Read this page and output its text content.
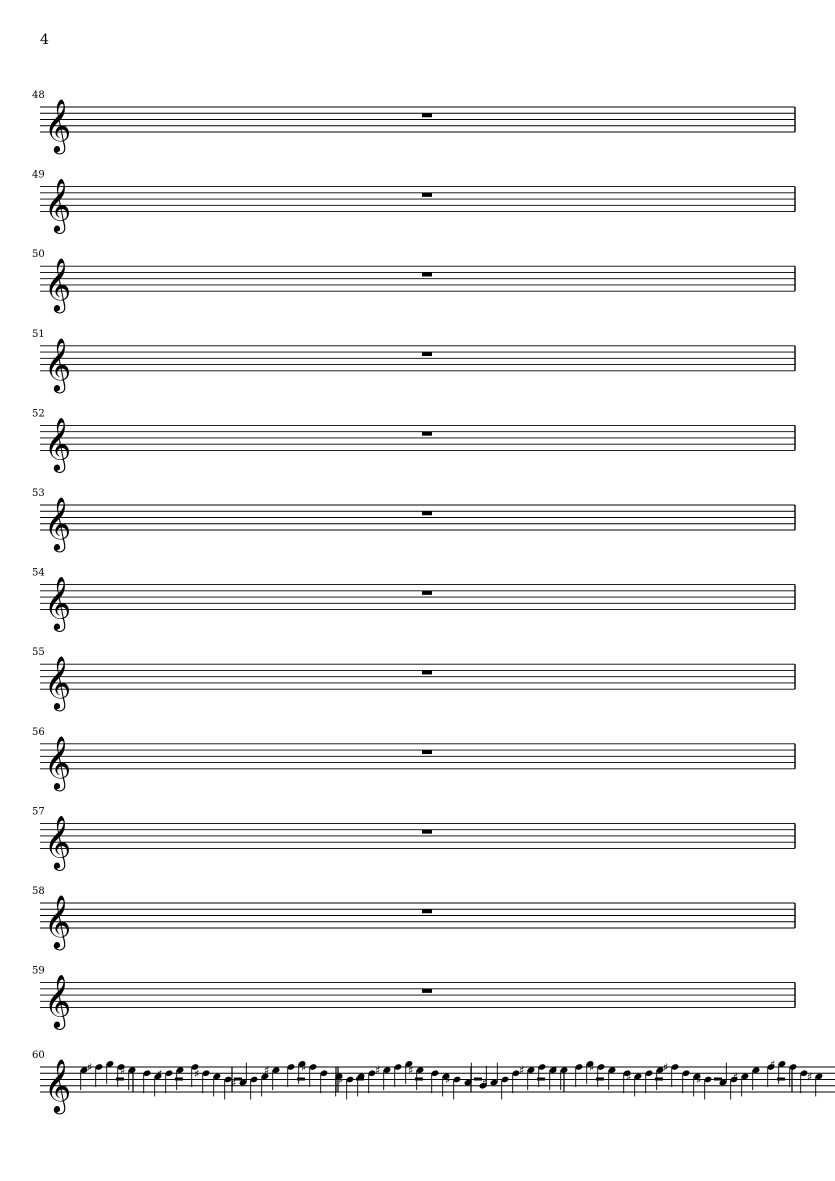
4
𝄞
48
𝄞
49
𝄞
50
𝄞
51
𝄞
52
𝄞
53
𝄞
54
𝄞
55
𝄞
56
𝄞
57
𝄞
58
𝄞
59
𝄞
60
♯	♯	♯	♯
♯
♯	♯
♯
♯	♯
♯	♯
♯	♯	♯
♯
♯
♯	♯
♯
♯
